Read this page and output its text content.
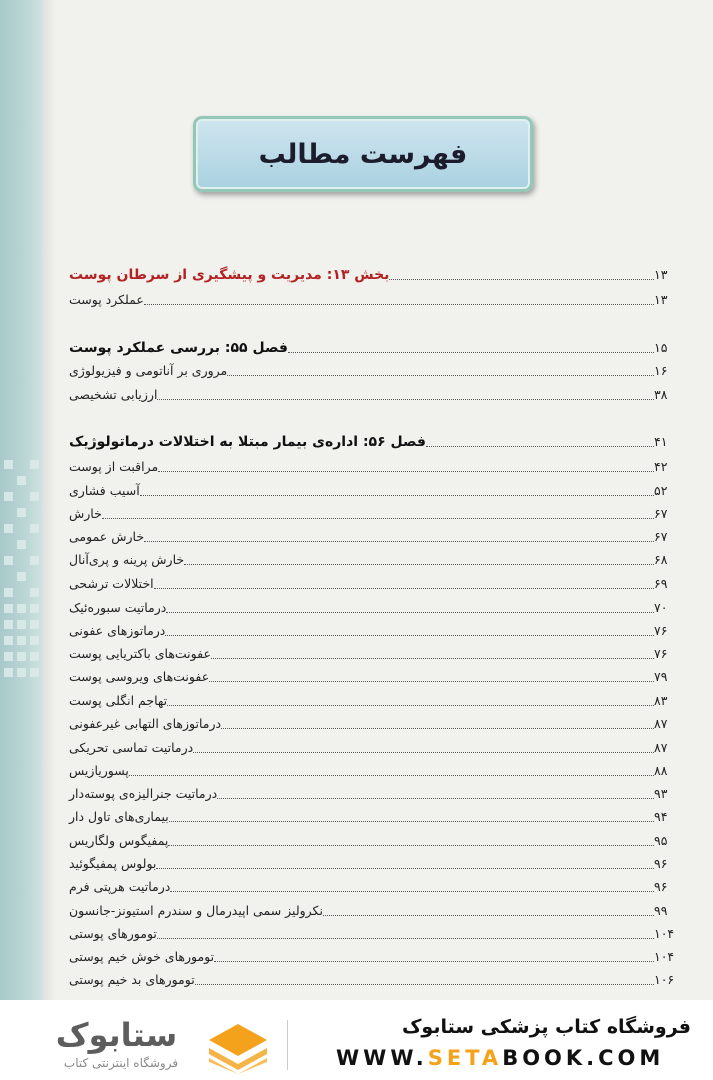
فهرست مطالب
بخش ۱۳: مدیریت و پیشگیری از سرطان پوست	۱۳
عملکرد پوست	۱۳
فصل ۵۵: بررسی عملکرد پوست	۱۵
مروری بر آناتومی و فیزیولوژی	۱۶
ارزیابی تشخیصی	۳۸
فصل ۵۶: اداره‌ی بیمار مبتلا به اختلالات درماتولوژیک	۴۱
مراقبت از پوست	۴۲
آسیب فشاری	۵۲
خارش	۶۷
خارش عمومی	۶۷
خارش پرینه و پری‌آنال	۶۸
اختلالات ترشحی	۶۹
درماتیت سبوره‌ئیک	۷۰
درماتوزهای عفونی	۷۶
عفونت‌های باکتریایی پوست	۷۶
عفونت‌های ویروسی پوست	۷۹
تهاجم انگلی پوست	۸۳
درماتوزهای التهابی غیرعفونی	۸۷
درماتیت تماسی تحریکی	۸۷
پسوریازیس	۸۸
درماتیت جنرالیزه‌ی پوسته‌دار	۹۳
بیماری‌های تاول دار	۹۴
پمفیگوس ولگاریس	۹۵
بولوس پمفیگوئید	۹۶
درماتیت هرپتی فرم	۹۶
نکرولیز سمی اپیدرمال و سندرم استیونز-جانسون	۹۹
تومورهای پوستی	۱۰۴
تومورهای خوش خیم پوستی	۱۰۴
تومورهای بد خیم پوستی	۱۰۶
ستابوک
فروشگاه اینترنتی کتاب
فروشگاه کتاب پزشکی ستابوک
WWW.SETABOOK.COM
